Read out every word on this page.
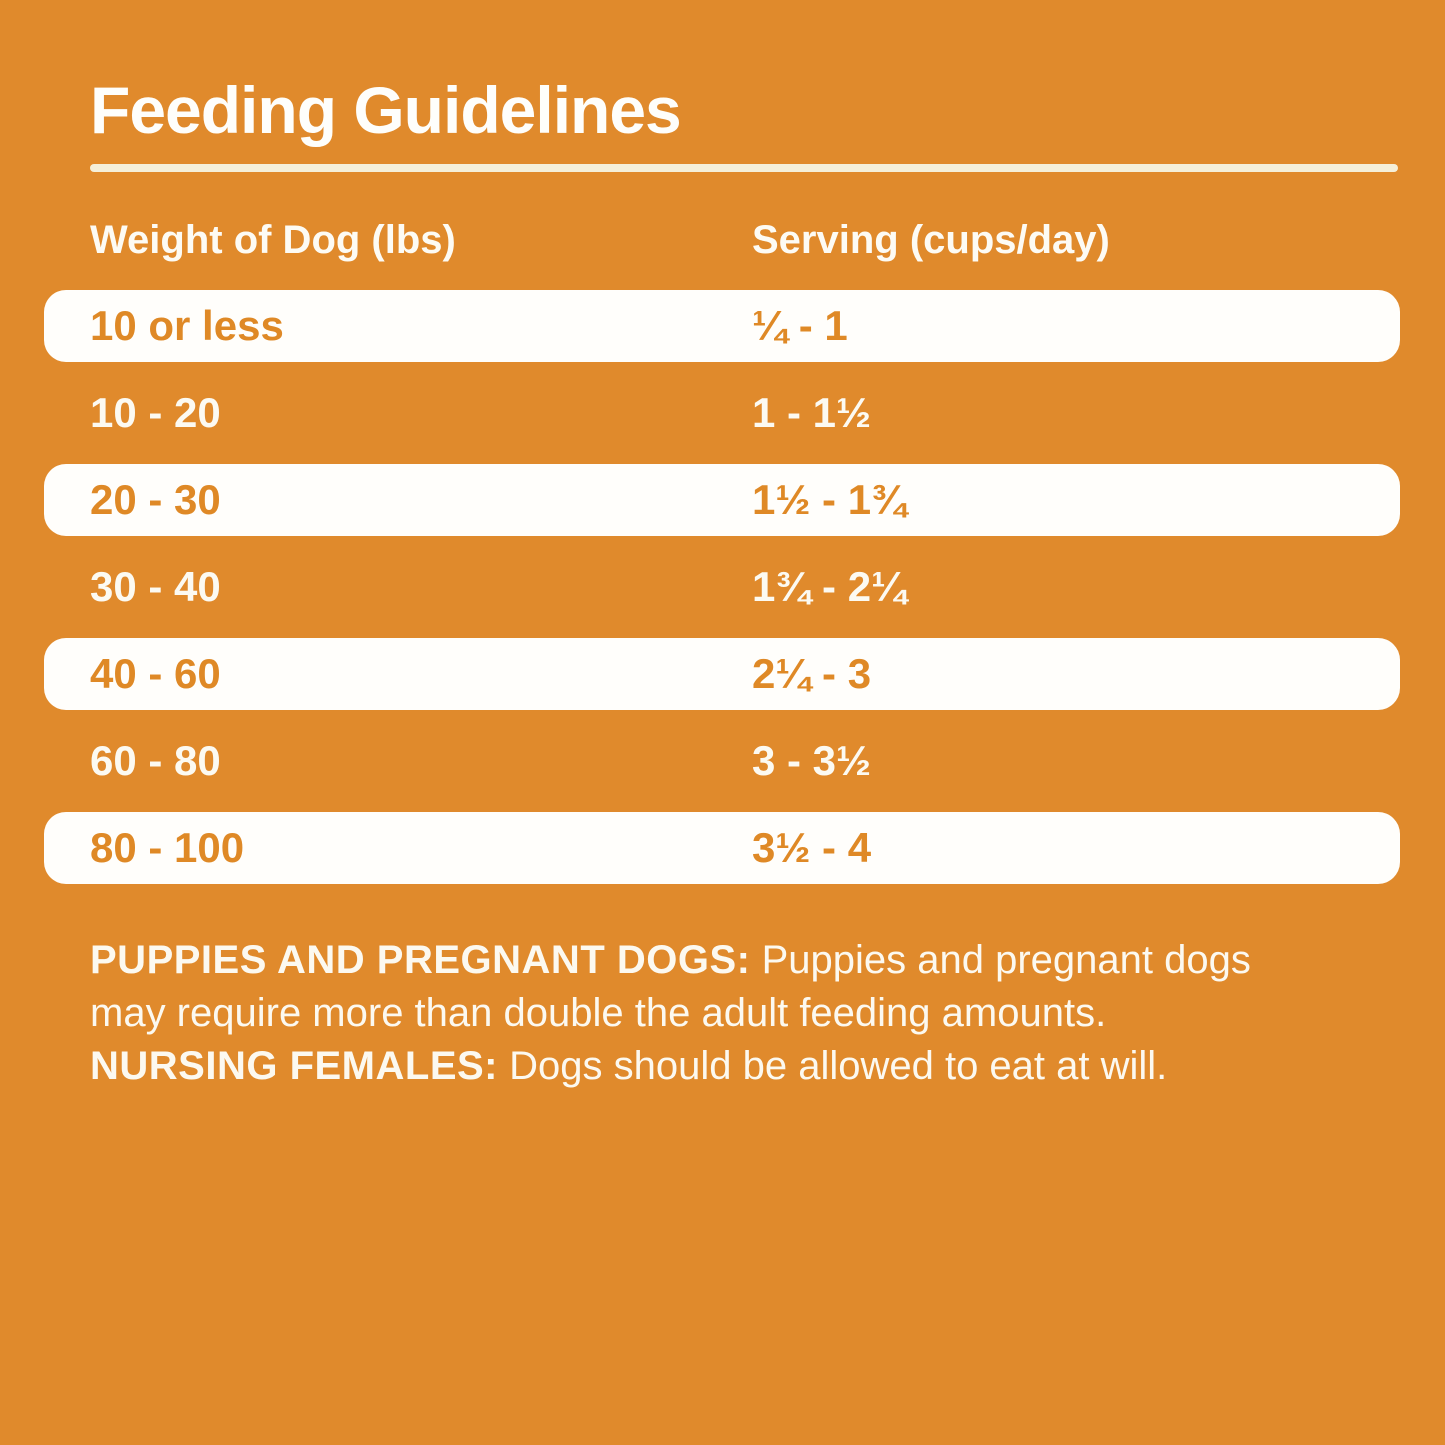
Feeding Guidelines
Weight of Dog (lbs)	Serving (cups/day)
10 or less	¼ - 1
10 - 20	1 - 1½
20 - 30	1½ - 1¾
30 - 40	1¾ - 2¼
40 - 60	2¼ - 3
60 - 80	3 - 3½
80 - 100	3½ - 4

PUPPIES AND PREGNANT DOGS: Puppies and pregnant dogs may require more than double the adult feeding amounts. NURSING FEMALES: Dogs should be allowed to eat at will.
